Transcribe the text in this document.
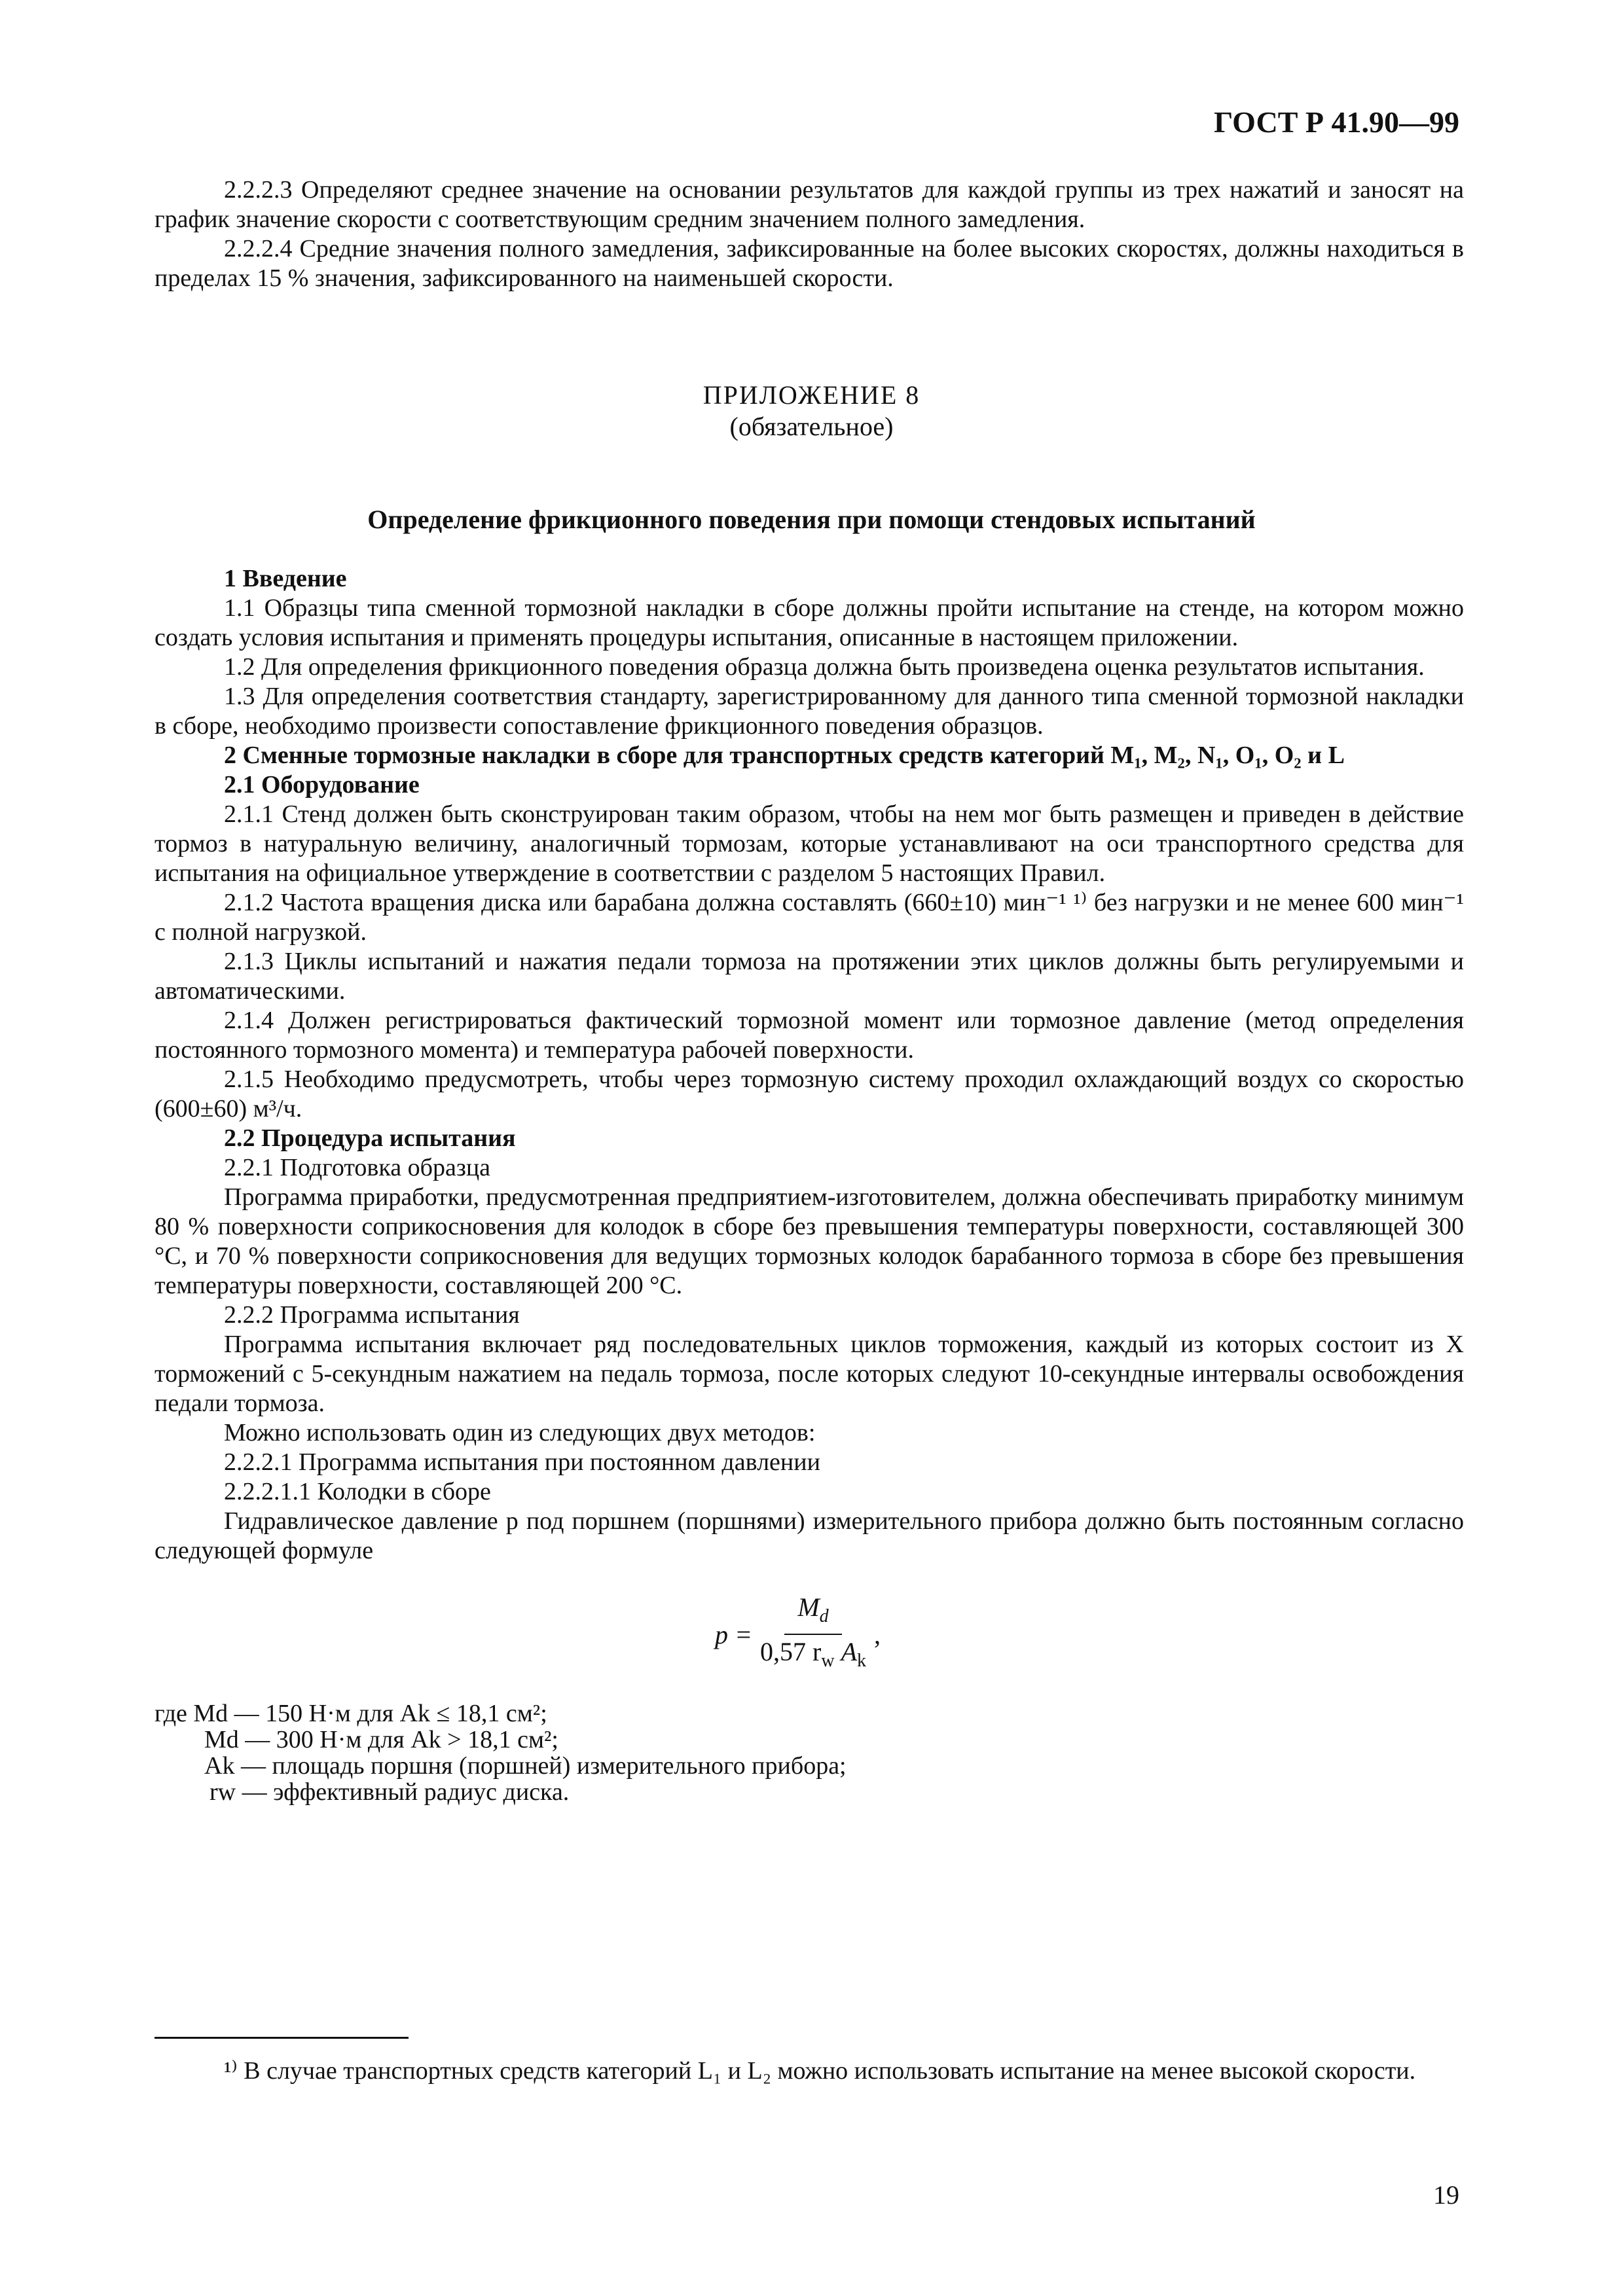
ГОСТ Р 41.90—99

2.2.2.3 Определяют среднее значение на основании результатов для каждой группы из трех нажатий и заносят на график значение скорости с соответствующим средним значением полного замедления.

2.2.2.4 Средние значения полного замедления, зафиксированные на более высоких скоростях, должны находиться в пределах 15 % значения, зафиксированного на наименьшей скорости.

ПРИЛОЖЕНИЕ 8
(обязательное)
Определение фрикционного поведения при помощи стендовых испытаний

1 Введение

1.1 Образцы типа сменной тормозной накладки в сборе должны пройти испытание на стенде, на котором можно создать условия испытания и применять процедуры испытания, описанные в настоящем приложении.

1.2 Для определения фрикционного поведения образца должна быть произведена оценка результатов испытания.

1.3 Для определения соответствия стандарту, зарегистрированному для данного типа сменной тормозной накладки в сборе, необходимо произвести сопоставление фрикционного поведения образцов.

2 Сменные тормозные накладки в сборе для транспортных средств категорий M₁, M₂, N₁, O₁, O₂ и L

2.1 Оборудование

2.1.1 Стенд должен быть сконструирован таким образом, чтобы на нем мог быть размещен и приведен в действие тормоз в натуральную величину, аналогичный тормозам, которые устанавливают на оси транспортного средства для испытания на официальное утверждение в соответствии с разделом 5 настоящих Правил.

2.1.2 Частота вращения диска или барабана должна составлять (660±10) мин⁻¹ ¹⁾ без нагрузки и не менее 600 мин⁻¹ с полной нагрузкой.

2.1.3 Циклы испытаний и нажатия педали тормоза на протяжении этих циклов должны быть регулируемыми и автоматическими.

2.1.4 Должен регистрироваться фактический тормозной момент или тормозное давление (метод определения постоянного тормозного момента) и температура рабочей поверхности.

2.1.5 Необходимо предусмотреть, чтобы через тормозную систему проходил охлаждающий воздух со скоростью (600±60) м³/ч.

2.2 Процедура испытания

2.2.1 Подготовка образца

Программа приработки, предусмотренная предприятием-изготовителем, должна обеспечивать приработку минимум 80 % поверхности соприкосновения для колодок в сборе без превышения температуры поверхности, составляющей 300 °С, и 70 % поверхности соприкосновения для ведущих тормозных колодок барабанного тормоза в сборе без превышения температуры поверхности, составляющей 200 °С.

2.2.2 Программа испытания

Программа испытания включает ряд последовательных циклов торможения, каждый из которых состоит из X торможений с 5-секундным нажатием на педаль тормоза, после которых следуют 10-секундные интервалы освобождения педали тормоза.

Можно использовать один из следующих двух методов:

2.2.2.1 Программа испытания при постоянном давлении

2.2.2.1.1 Колодки в сборе

Гидравлическое давление p под поршнем (поршнями) измерительного прибора должно быть постоянным согласно следующей формуле

$p = \frac{M_d}{0,57 r_w A_k}$ ,
где Md — 150 Н·м для Ak ≤ 18,1 см²;
Md — 300 Н·м для Ak > 18,1 см²;
Ak — площадь поршня (поршней) измерительного прибора;
rw — эффективный радиус диска.

¹⁾ В случае транспортных средств категорий L₁ и L₂ можно использовать испытание на менее высокой скорости.

19
